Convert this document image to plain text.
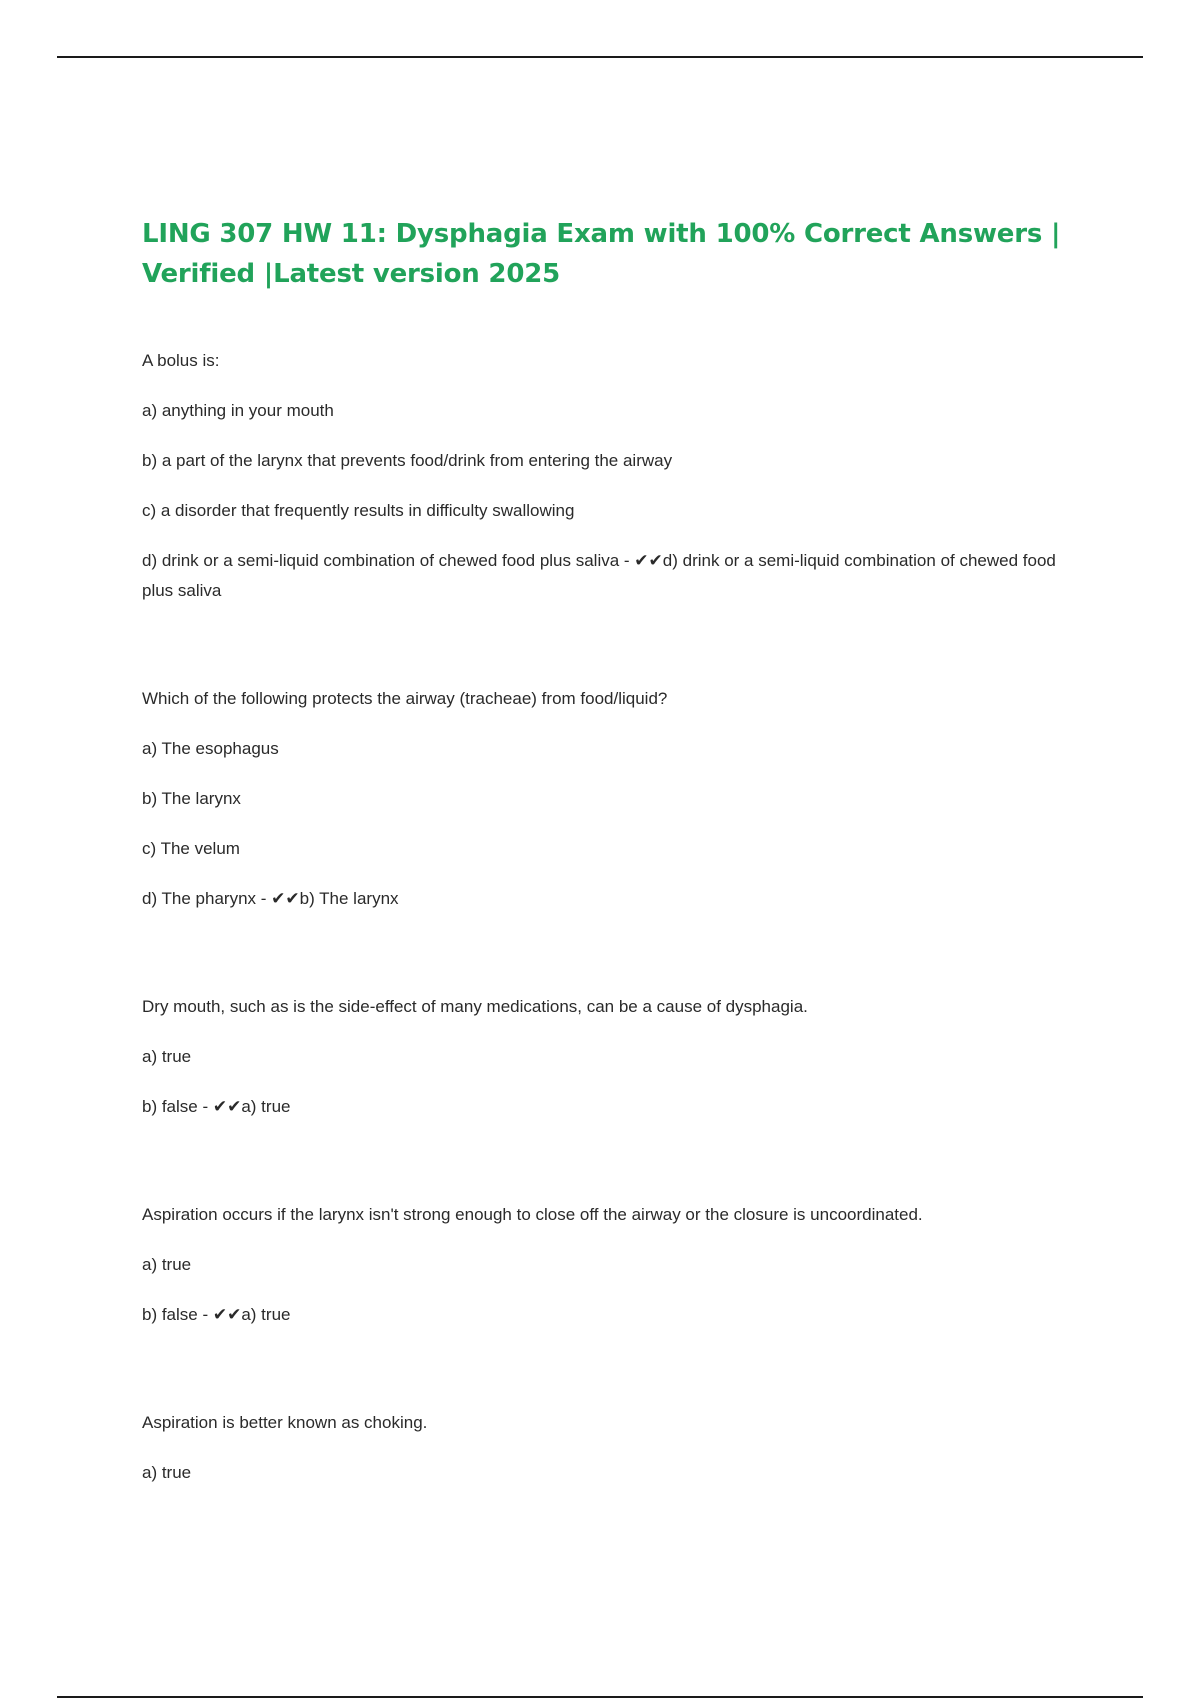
LING 307 HW 11: Dysphagia Exam with 100% Correct Answers | Verified |Latest version 2025

A bolus is:

a) anything in your mouth

b) a part of the larynx that prevents food/drink from entering the airway

c) a disorder that frequently results in difficulty swallowing

d) drink or a semi-liquid combination of chewed food plus saliva - ✔✔d) drink or a semi-liquid combination of chewed food plus saliva

Which of the following protects the airway (tracheae) from food/liquid?

a) The esophagus

b) The larynx

c) The velum

d) The pharynx - ✔✔b) The larynx

Dry mouth, such as is the side-effect of many medications, can be a cause of dysphagia.

a) true

b) false - ✔✔a) true

Aspiration occurs if the larynx isn't strong enough to close off the airway or the closure is uncoordinated.

a) true

b) false - ✔✔a) true

Aspiration is better known as choking.

a) true
